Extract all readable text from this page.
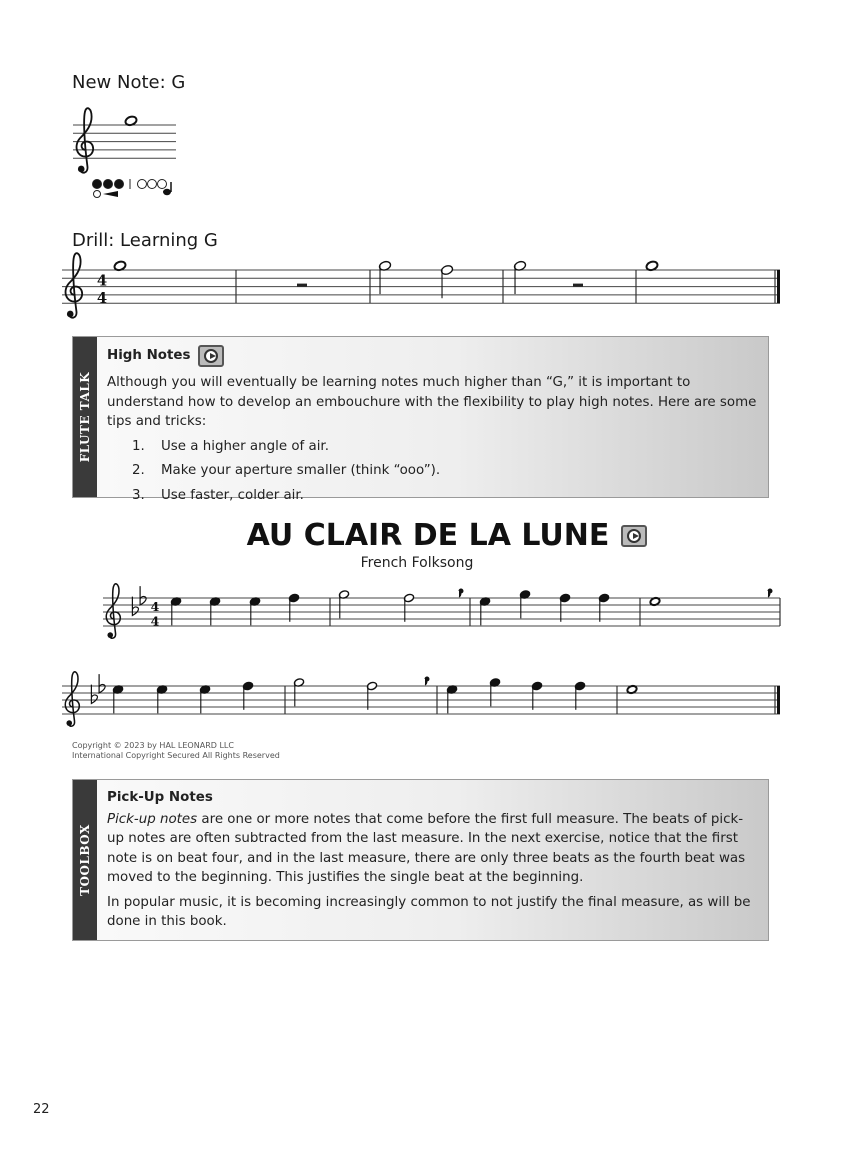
New Note: G
Drill: Learning G
4
4
4
4
FLUTE TALK
High Notes

Although you will eventually be learning notes much higher than “G,” it is important to understand how to develop an embouchure with the flexibility to play high notes. Here are some tips and tricks:

1. Use a higher angle of air.
2. Make your aperture smaller (think “ooo”).
3. Use faster, colder air.
AU CLAIR DE LA LUNE
French Folksong
Copyright © 2023 by HAL LEONARD LLC
International Copyright Secured All Rights Reserved
TOOLBOX
Pick-Up Notes

Pick-up notes are one or more notes that come before the first full measure. The beats of pick-up notes are often subtracted from the last measure. In the next exercise, notice that the first note is on beat four, and in the last measure, there are only three beats as the fourth beat was moved to the beginning. This justifies the single beat at the beginning.

In popular music, it is becoming increasingly common to not justify the final measure, as will be done in this book.

22
